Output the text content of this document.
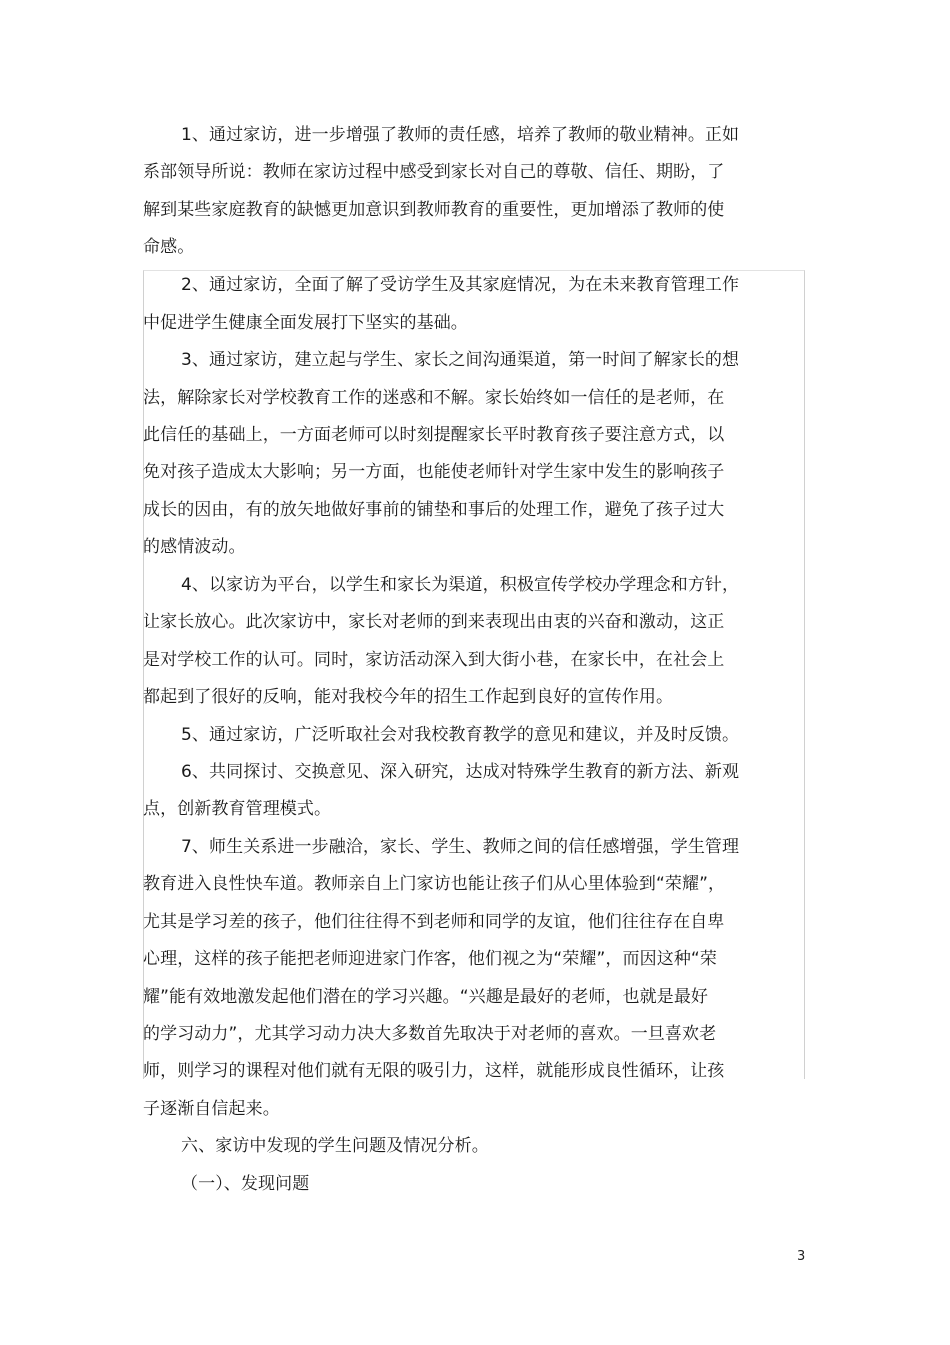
1、通过家访，进一步增强了教师的责任感，培养了教师的敬业精神。正如
系部领导所说：教师在家访过程中感受到家长对自己的尊敬、信任、期盼，了
解到某些家庭教育的缺憾更加意识到教师教育的重要性，更加增添了教师的使
命感。
2、通过家访，全面了解了受访学生及其家庭情况，为在未来教育管理工作
中促进学生健康全面发展打下坚实的基础。
3、通过家访，建立起与学生、家长之间沟通渠道，第一时间了解家长的想
法，解除家长对学校教育工作的迷惑和不解。家长始终如一信任的是老师，在
此信任的基础上，一方面老师可以时刻提醒家长平时教育孩子要注意方式，以
免对孩子造成太大影响；另一方面，也能使老师针对学生家中发生的影响孩子
成长的因由，有的放矢地做好事前的铺垫和事后的处理工作，避免了孩子过大
的感情波动。
4、以家访为平台，以学生和家长为渠道，积极宣传学校办学理念和方针，
让家长放心。此次家访中，家长对老师的到来表现出由衷的兴奋和激动，这正
是对学校工作的认可。同时，家访活动深入到大街小巷，在家长中，在社会上
都起到了很好的反响，能对我校今年的招生工作起到良好的宣传作用。
5、通过家访，广泛听取社会对我校教育教学的意见和建议，并及时反馈。
6、共同探讨、交换意见、深入研究，达成对特殊学生教育的新方法、新观
点，创新教育管理模式。
7、师生关系进一步融洽，家长、学生、教师之间的信任感增强，学生管理
教育进入良性快车道。教师亲自上门家访也能让孩子们从心里体验到“荣耀”，
尤其是学习差的孩子，他们往往得不到老师和同学的友谊，他们往往存在自卑
心理，这样的孩子能把老师迎进家门作客，他们视之为“荣耀”，而因这种“荣
耀”能有效地激发起他们潜在的学习兴趣。“兴趣是最好的老师，也就是最好
的学习动力”，尤其学习动力决大多数首先取决于对老师的喜欢。一旦喜欢老
师，则学习的课程对他们就有无限的吸引力，这样，就能形成良性循环，让孩
子逐渐自信起来。
六、家访中发现的学生问题及情况分析。
（一）、发现问题
3
